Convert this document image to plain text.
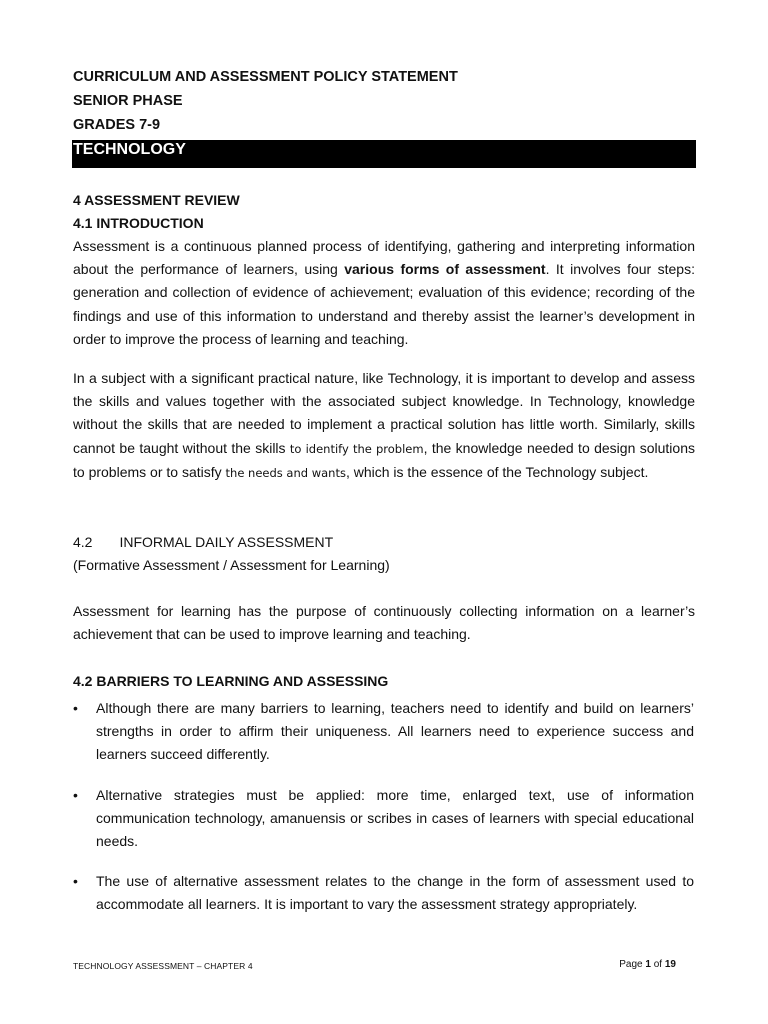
CURRICULUM AND ASSESSMENT POLICY STATEMENT
SENIOR PHASE
GRADES 7-9
TECHNOLOGY
4 ASSESSMENT REVIEW
4.1 INTRODUCTION
Assessment is a continuous planned process of identifying, gathering and interpreting information about the performance of learners, using various forms of assessment. It involves four steps: generation and collection of evidence of achievement; evaluation of this evidence; recording of the findings and use of this information to understand and thereby assist the learner’s development in order to improve the process of learning and teaching.
In a subject with a significant practical nature, like Technology, it is important to develop and assess the skills and values together with the associated subject knowledge. In Technology, knowledge without the skills that are needed to implement a practical solution has little worth. Similarly, skills cannot be taught without the skills to identify the problem, the knowledge needed to design solutions to problems or to satisfy the needs and wants, which is the essence of the Technology subject.
4.2 INFORMAL DAILY ASSESSMENT
(Formative Assessment / Assessment for Learning)
Assessment for learning has the purpose of continuously collecting information on a learner’s achievement that can be used to improve learning and teaching.
4.2 BARRIERS TO LEARNING AND ASSESSING
• Although there are many barriers to learning, teachers need to identify and build on learners’ strengths in order to affirm their uniqueness. All learners need to experience success and learners succeed differently.
• Alternative strategies must be applied: more time, enlarged text, use of information communication technology, amanuensis or scribes in cases of learners with special educational needs.
• The use of alternative assessment relates to the change in the form of assessment used to accommodate all learners. It is important to vary the assessment strategy appropriately.
TECHNOLOGY ASSESSMENT – CHAPTER 4	Page 1 of 19
